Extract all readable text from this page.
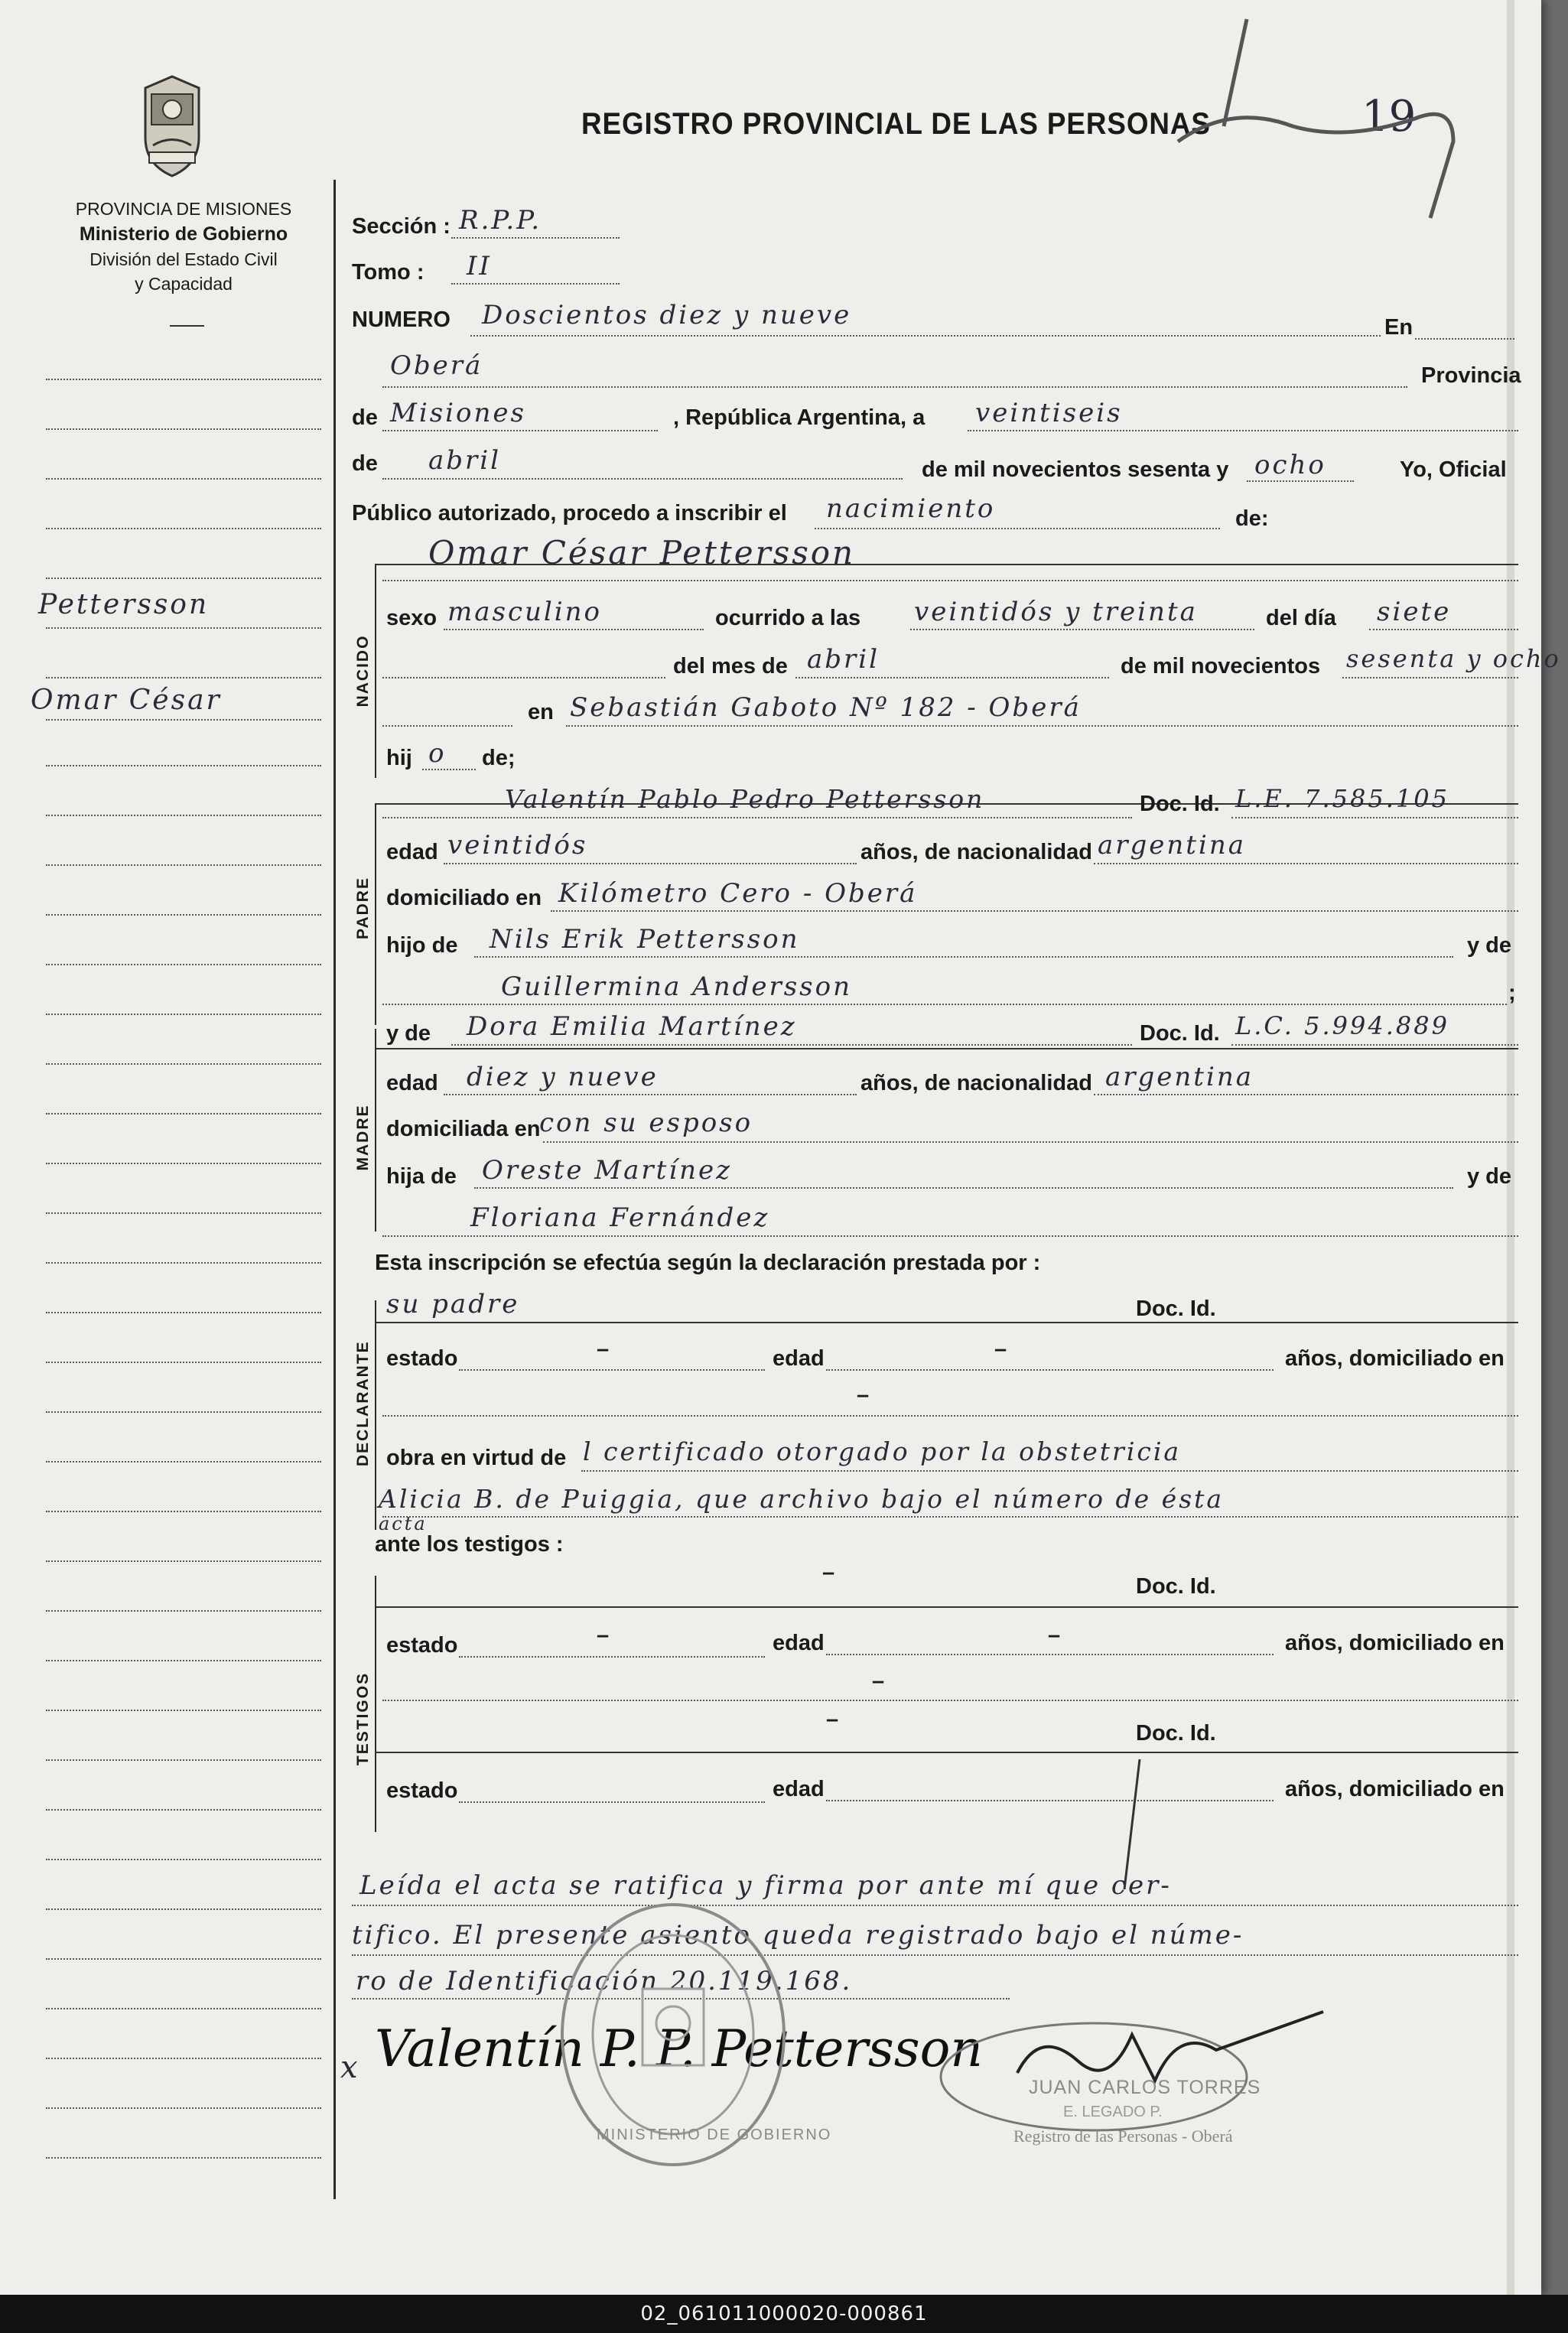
PROVINCIA DE MISIONES
Ministerio de Gobierno
División del Estado Civil
y Capacidad
Pettersson
Omar César
REGISTRO PROVINCIAL DE LAS PERSONAS	19
Sección : R.P.P.
Tomo : II
NUMERO Doscientos diez y nueve	En
Oberá	Provincia
de Misiones	, República Argentina, a veintiseis
de abril	de mil novecientos sesenta y ocho	Yo, Oficial
Público autorizado, procedo a inscribir el nacimiento	de:
NACIDO
Omar César Pettersson
sexo masculino	ocurrido a las veintidós y treinta	del día siete
del mes de abril	de mil novecientos sesenta y ocho
en Sebastián Gaboto Nº 182 - Oberá
hij o de;
PADRE
Valentín Pablo Pedro Pettersson	Doc. Id. L.E. 7.585.105
edad veintidós	años, de nacionalidad argentina
domiciliado en Kilómetro Cero - Oberá
hijo de Nils Erik Pettersson	y de
Guillermina Andersson	;
MADRE
y de Dora Emilia Martínez	Doc. Id. L.C. 5.994.889
edad diez y nueve	años, de nacionalidad argentina
domiciliada en
con su esposo
hija de Oreste Martínez	y de
Floriana Fernández
Esta inscripción se efectúa según la declaración prestada por :
DECLARANTE
su padre	Doc. Id.
estado	–	edad	–	años, domiciliado en
–
obra en virtud de l certificado otorgado por la obstetricia
Alicia B. de Puiggia, que archivo bajo el número de ésta
acta
ante los testigos :
TESTIGOS
–
Doc. Id.
estado	–	edad	–	años, domiciliado en
–
–
Doc. Id.
estado	edad	años, domiciliado en
Leída el acta se ratifica y firma por ante mí que cer-
tifico. El presente asiento queda registrado bajo el núme-
ro de Identificación 20.119.168.
x Valentín P. P. Pettersson
MINISTERIO DE GOBIERNO
JUAN CARLOS TORRES
E. LEGADO P.
Registro de las Personas - Oberá
02_061011000020-000861
